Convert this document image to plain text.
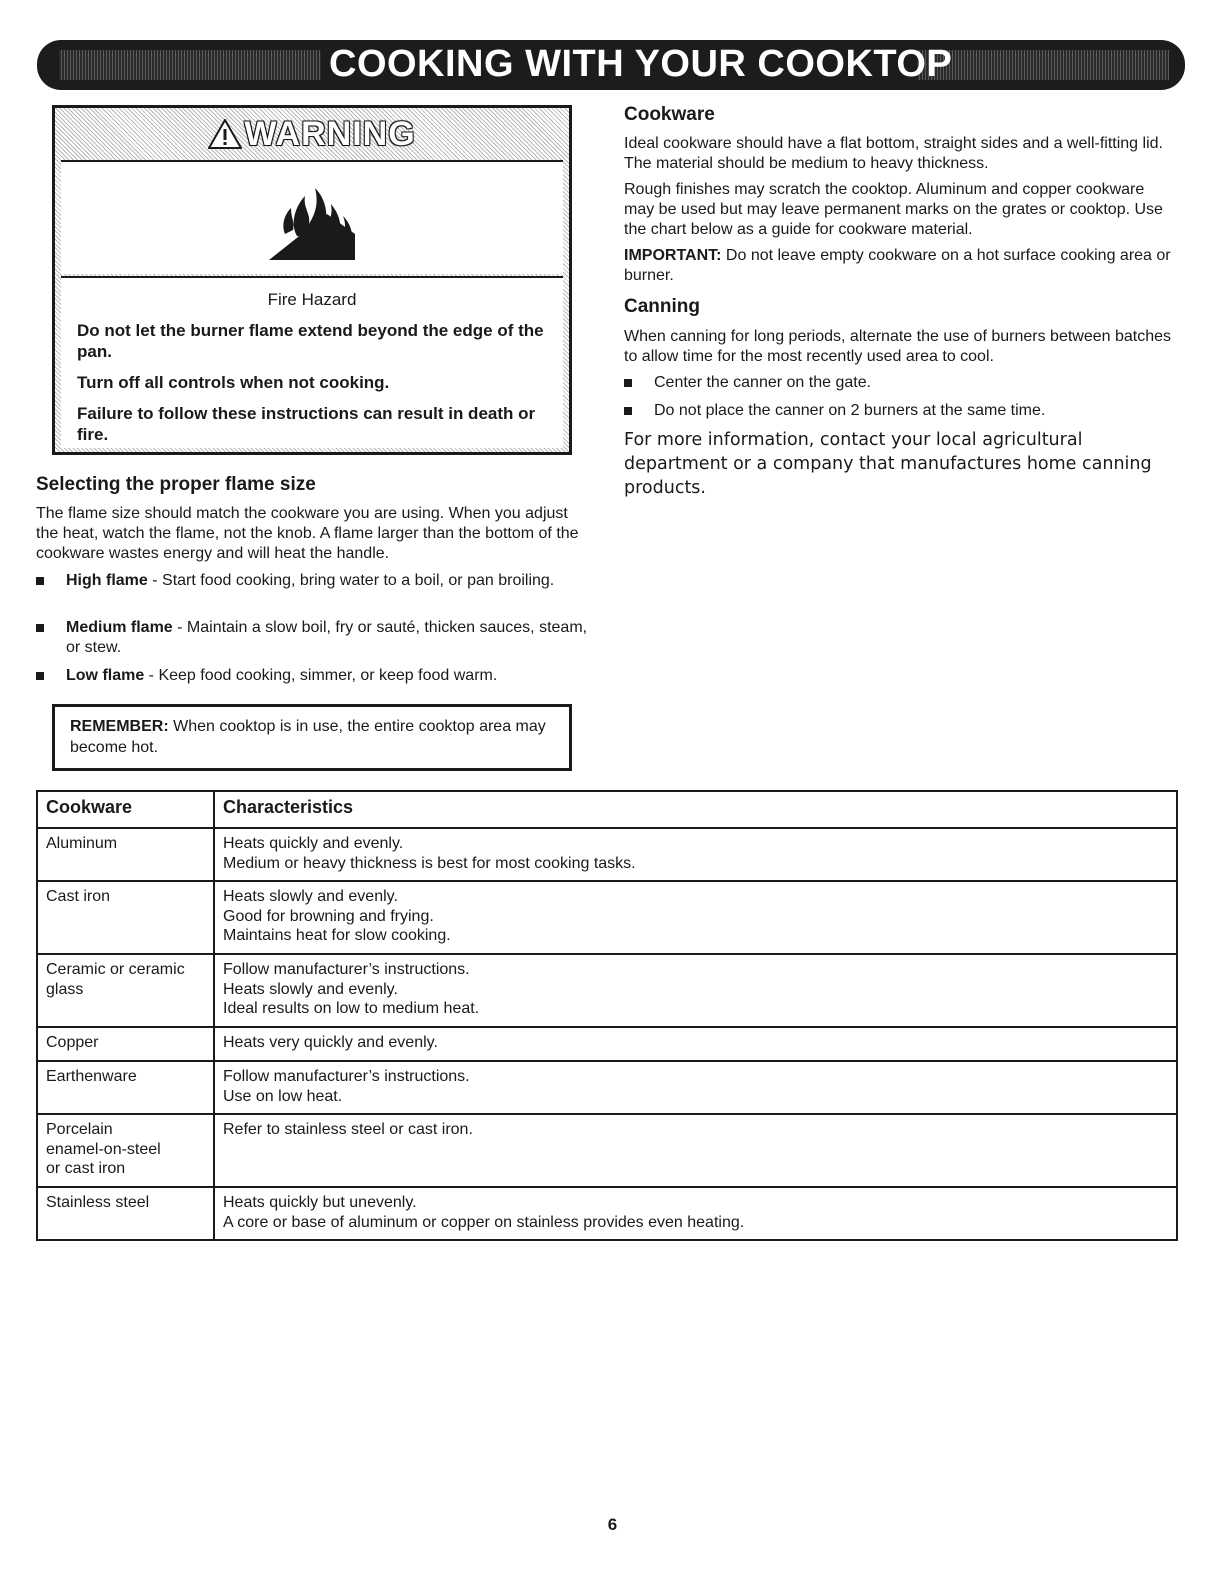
COOKING WITH YOUR COOKTOP
WARNING
Fire Hazard
Do not let the burner flame extend beyond the edge of the pan.
Turn off all controls when not cooking.
Failure to follow these instructions can result in death or fire.
Selecting the proper flame size
The flame size should match the cookware you are using. When you adjust the heat, watch the flame, not the knob. A flame larger than the bottom of the cookware wastes energy and will heat the handle.
High flame - Start food cooking, bring water to a boil, or pan broiling.
Medium flame - Maintain a slow boil, fry or sauté, thicken sauces, steam, or stew.
Low flame - Keep food cooking, simmer, or keep food warm.
REMEMBER: When cooktop is in use, the entire cooktop area may become hot.
Cookware
Ideal cookware should have a flat bottom, straight sides and a well-fitting lid. The material should be medium to heavy thickness.
Rough finishes may scratch the cooktop. Aluminum and copper cookware may be used but may leave permanent marks on the grates or cooktop. Use the chart below as a guide for cookware material.
IMPORTANT: Do not leave empty cookware on a hot surface cooking area or burner.
Canning
When canning for long periods, alternate the use of burners between batches to allow time for the most recently used area to cool.
Center the canner on the gate.
Do not place the canner on 2 burners at the same time.
For more information, contact your local agricultural department or a company that manufactures home canning products.
Cookware	Characteristics
Aluminum	Heats quickly and evenly.
Medium or heavy thickness is best for most cooking tasks.
Cast iron	Heats slowly and evenly.
Good for browning and frying.
Maintains heat for slow cooking.
Ceramic or ceramic
glass	Follow manufacturer’s instructions.
Heats slowly and evenly.
Ideal results on low to medium heat.
Copper	Heats very quickly and evenly.
Earthenware	Follow manufacturer’s instructions.
Use on low heat.
Porcelain
enamel-on-steel
or cast iron	Refer to stainless steel or cast iron.
Stainless steel	Heats quickly but unevenly.
A core or base of aluminum or copper on stainless provides even heating.
6
